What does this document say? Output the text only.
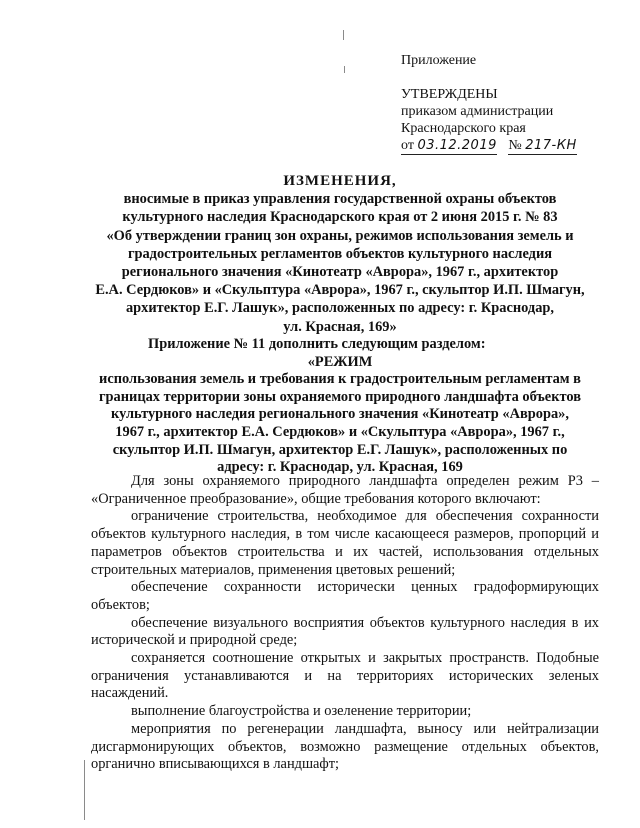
Приложение
УТВЕРЖДЕНЫ
приказом администрации
Краснодарского края
от 03.12.2019 № 217-КН
ИЗМЕНЕНИЯ,
вносимые в приказ управления государственной охраны объектов
культурного наследия Краснодарского края от 2 июня 2015 г. № 83
«Об утверждении границ зон охраны, режимов использования земель и
градостроительных регламентов объектов культурного наследия
регионального значения «Кинотеатр «Аврора», 1967 г., архитектор
Е.А. Сердюков» и «Скульптура «Аврора», 1967 г., скульптор И.П. Шмагун,
архитектор Е.Г. Лашук», расположенных по адресу: г. Краснодар,
ул. Красная, 169»
Приложение № 11 дополнить следующим разделом:
«РЕЖИМ
использования земель и требования к градостроительным регламентам в
границах территории зоны охраняемого природного ландшафта объектов
культурного наследия регионального значения «Кинотеатр «Аврора»,
1967 г., архитектор Е.А. Сердюков» и «Скульптура «Аврора», 1967 г.,
скульптор И.П. Шмагун, архитектор Е.Г. Лашук», расположенных по
адресу: г. Краснодар, ул. Красная, 169

Для зоны охраняемого природного ландшафта определен режим Р3 – «Ограниченное преобразование», общие требования которого включают:

ограничение строительства, необходимое для обеспечения сохранности объектов культурного наследия, в том числе касающееся размеров, пропорций и параметров объектов строительства и их частей, использования отдельных строительных материалов, применения цветовых решений;

обеспечение сохранности исторически ценных градоформирующих объектов;

обеспечение визуального восприятия объектов культурного наследия в их исторической и природной среде;

сохраняется соотношение открытых и закрытых пространств. Подобные ограничения устанавливаются и на территориях исторических зеленых насаждений.

выполнение благоустройства и озеленение территории;

мероприятия по регенерации ландшафта, выносу или нейтрализации дисгармонирующих объектов, возможно размещение отдельных объектов, органично вписывающихся в ландшафт;
